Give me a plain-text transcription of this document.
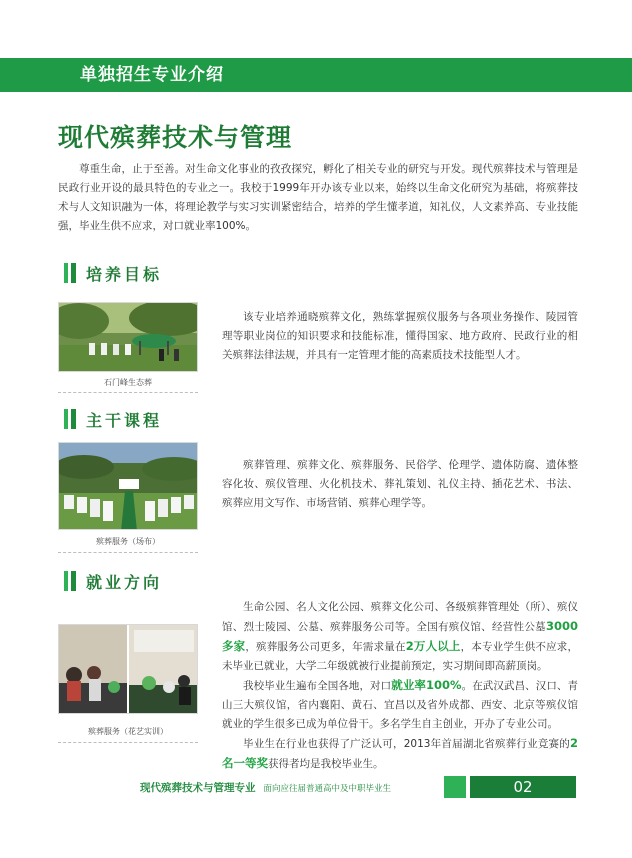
单独招生专业介绍
现代殡葬技术与管理
尊重生命，止于至善。对生命文化事业的孜孜探究，孵化了相关专业的研究与开发。现代殡葬技术与管理是民政行业开设的最具特色的专业之一。我校于1999年开办该专业以来，始终以生命文化研究为基础，将殡葬技术与人文知识融为一体，将理论教学与实习实训紧密结合，培养的学生懂孝道，知礼仪，人文素养高、专业技能强，毕业生供不应求，对口就业率100%。
培养目标
石门峰生态葬

该专业培养通晓殡葬文化，熟练掌握殡仪服务与各项业务操作、陵园管理等职业岗位的知识要求和技能标准，懂得国家、地方政府、民政行业的相关殡葬法律法规，并具有一定管理才能的高素质技术技能型人才。

主干课程
殡葬服务（场布）

殡葬管理、殡葬文化、殡葬服务、民俗学、伦理学、遗体防腐、遗体整容化妆、殡仪管理、火化机技术、葬礼策划、礼仪主持、插花艺术、书法、殡葬应用文写作、市场营销、殡葬心理学等。

就业方向
殡葬服务（花艺实训）

生命公园、名人文化公园、殡葬文化公司、各级殡葬管理处（所）、殡仪馆、烈士陵园、公墓、殡葬服务公司等。全国有殡仪馆、经营性公墓3000多家，殡葬服务公司更多，年需求量在2万人以上，本专业学生供不应求，未毕业已就业，大学二年级就被行业提前预定，实习期间即高薪顶岗。

我校毕业生遍布全国各地，对口就业率100%。在武汉武昌、汉口、青山三大殡仪馆，省内襄阳、黄石、宜昌以及省外成都、西安、北京等殡仪馆就业的学生很多已成为单位骨干。多名学生自主创业，开办了专业公司。

毕业生在行业也获得了广泛认可，2013年首届湖北省殡葬行业竞赛的2名一等奖获得者均是我校毕业生。

现代殡葬技术与管理专业 面向应往届普通高中及中职毕业生	02
